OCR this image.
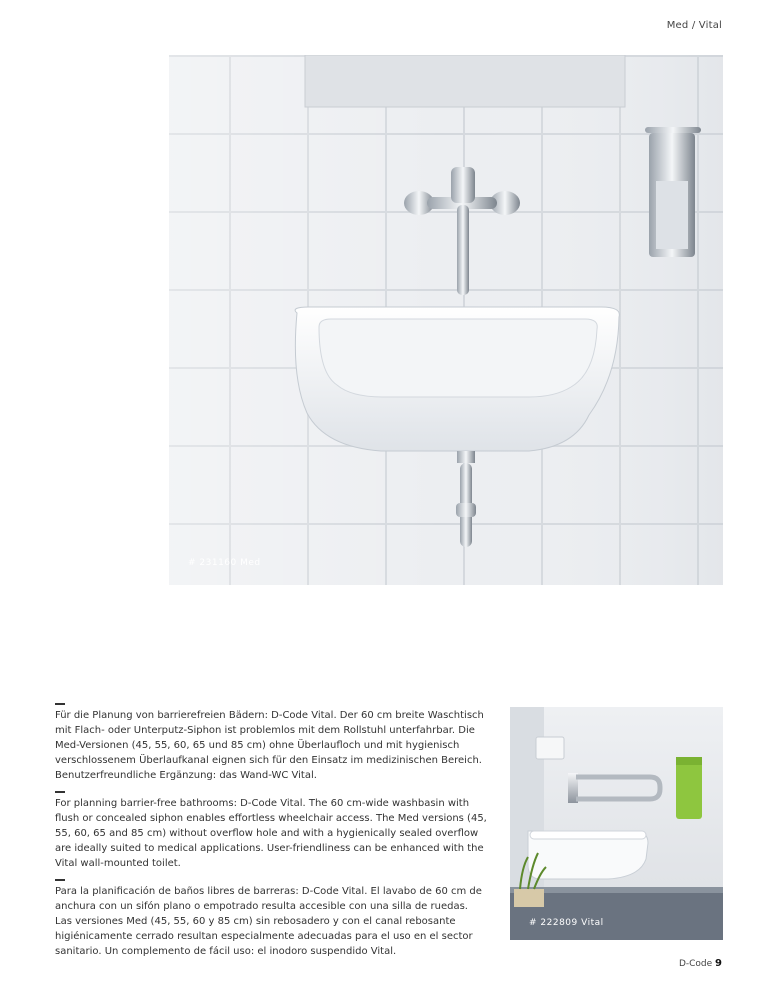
Med / Vital
# 231160 Med

Für die Planung von barrierefreien Bädern: D-Code Vital. Der 60 cm breite Waschtisch mit Flach- oder Unterputz-Siphon ist problemlos mit dem Rollstuhl unterfahrbar. Die Med-Versionen (45, 55, 60, 65 und 85 cm) ohne Überlaufloch und mit hygienisch verschlossenem Überlaufkanal eignen sich für den Einsatz im medizinischen Bereich. Benutzerfreundliche Ergänzung: das Wand-WC Vital.

For planning barrier-free bathrooms: D-Code Vital. The 60 cm-wide washbasin with flush or concealed siphon enables effortless wheelchair access. The Med versions (45, 55, 60, 65 and 85 cm) without overflow hole and with a hygienically sealed overflow are ideally suited to medical applications. User-friendliness can be enhanced with the Vital wall-mounted toilet.

Para la planificación de baños libres de barreras: D-Code Vital. El lavabo de 60 cm de anchura con un sifón plano o empotrado resulta accesible con una silla de ruedas. Las versiones Med (45, 55, 60 y 85 cm) sin rebosadero y con el canal rebosante higiénicamente cerrado resultan especialmente adecuadas para el uso en el sector sanitario. Un complemento de fácil uso: el inodoro suspendido Vital.

# 222809 Vital
D-Code 9
